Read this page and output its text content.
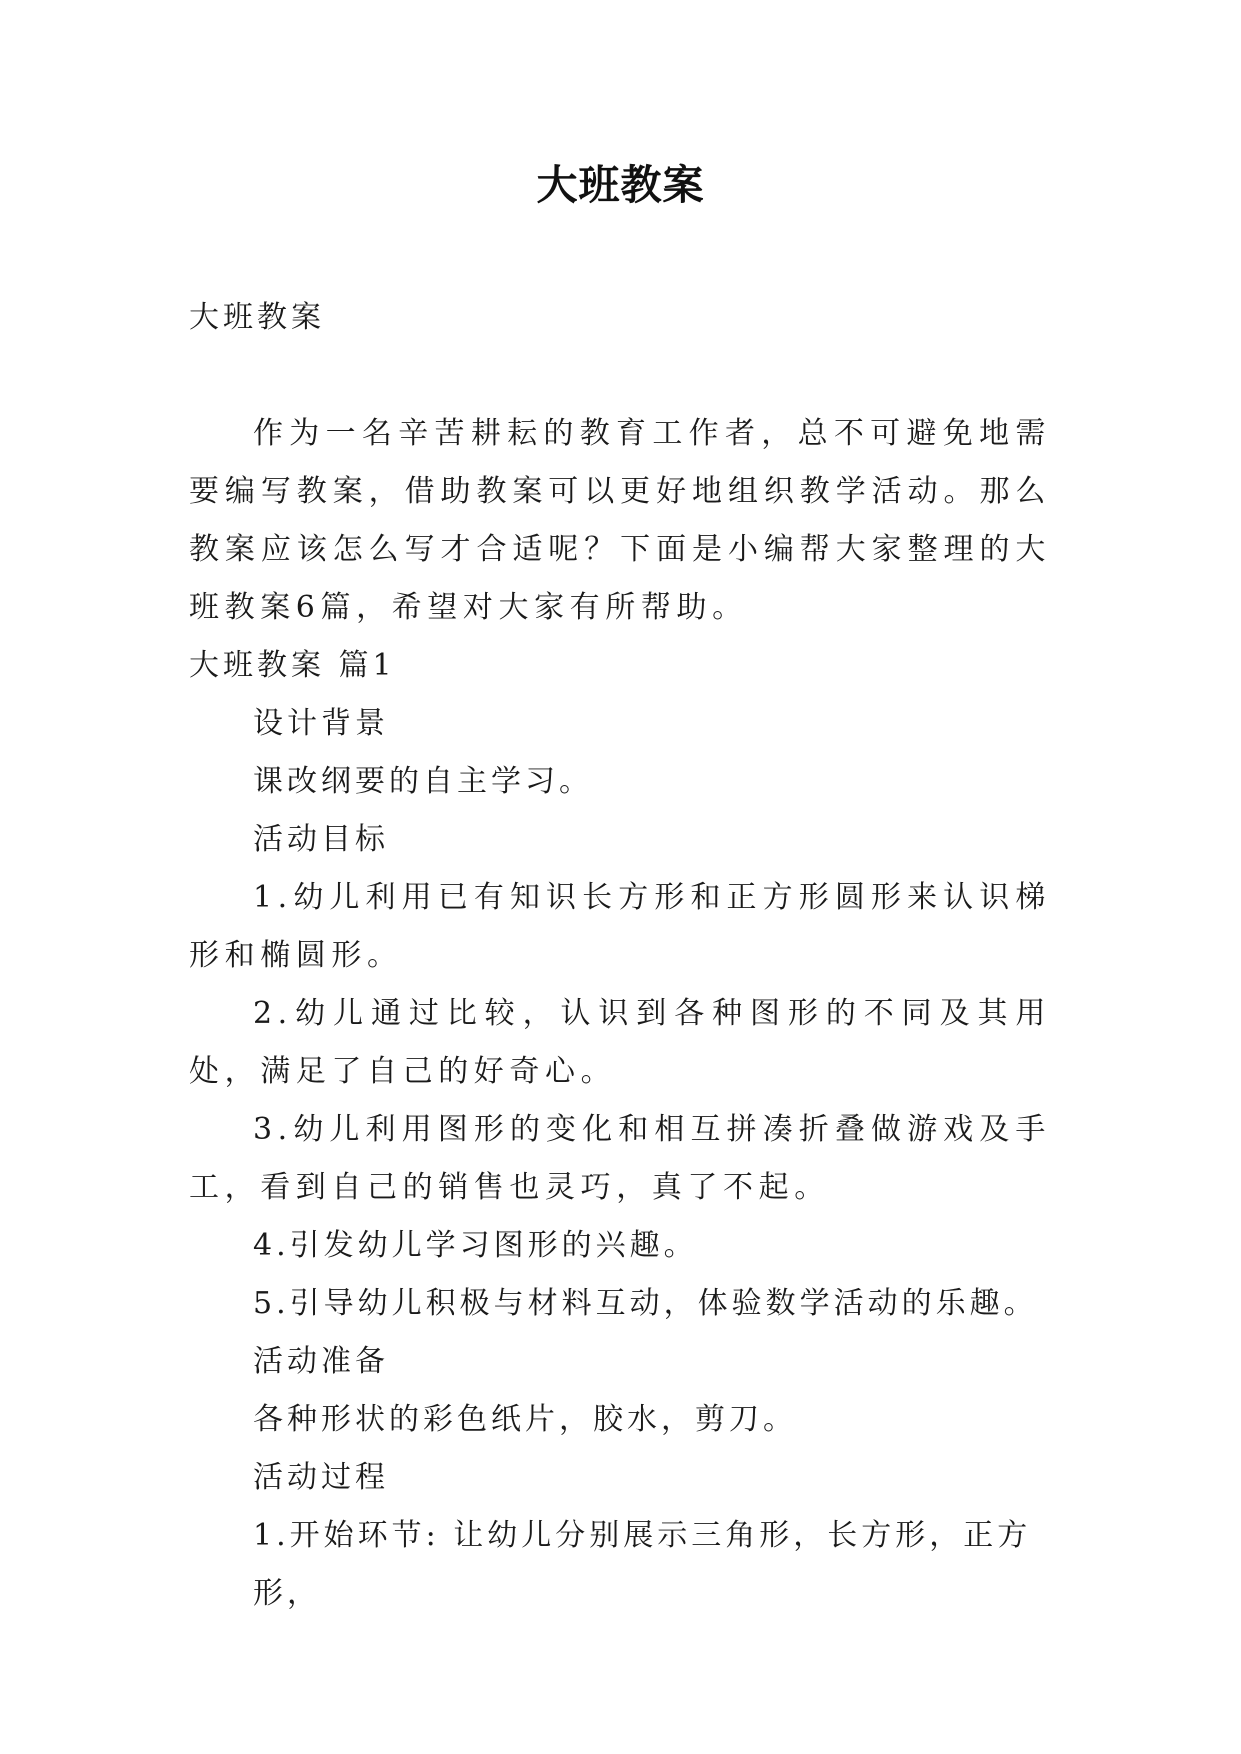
大班教案
大班教案

作为一名辛苦耕耘的教育工作者，总不可避免地需要编写教案，借助教案可以更好地组织教学活动。那么教案应该怎么写才合适呢？下面是小编帮大家整理的大班教案6篇，希望对大家有所帮助。

大班教案 篇1

设计背景

课改纲要的自主学习。

活动目标

1.幼儿利用已有知识长方形和正方形圆形来认识梯形和椭圆形。

2.幼儿通过比较，认识到各种图形的不同及其用处，满足了自己的好奇心。

3.幼儿利用图形的变化和相互拼凑折叠做游戏及手工，看到自己的销售也灵巧，真了不起。

4.引发幼儿学习图形的兴趣。

5.引导幼儿积极与材料互动，体验数学活动的乐趣。

活动准备

各种形状的彩色纸片，胶水，剪刀。

活动过程

1.开始环节: 让幼儿分别展示三角形，长方形，正方形，
